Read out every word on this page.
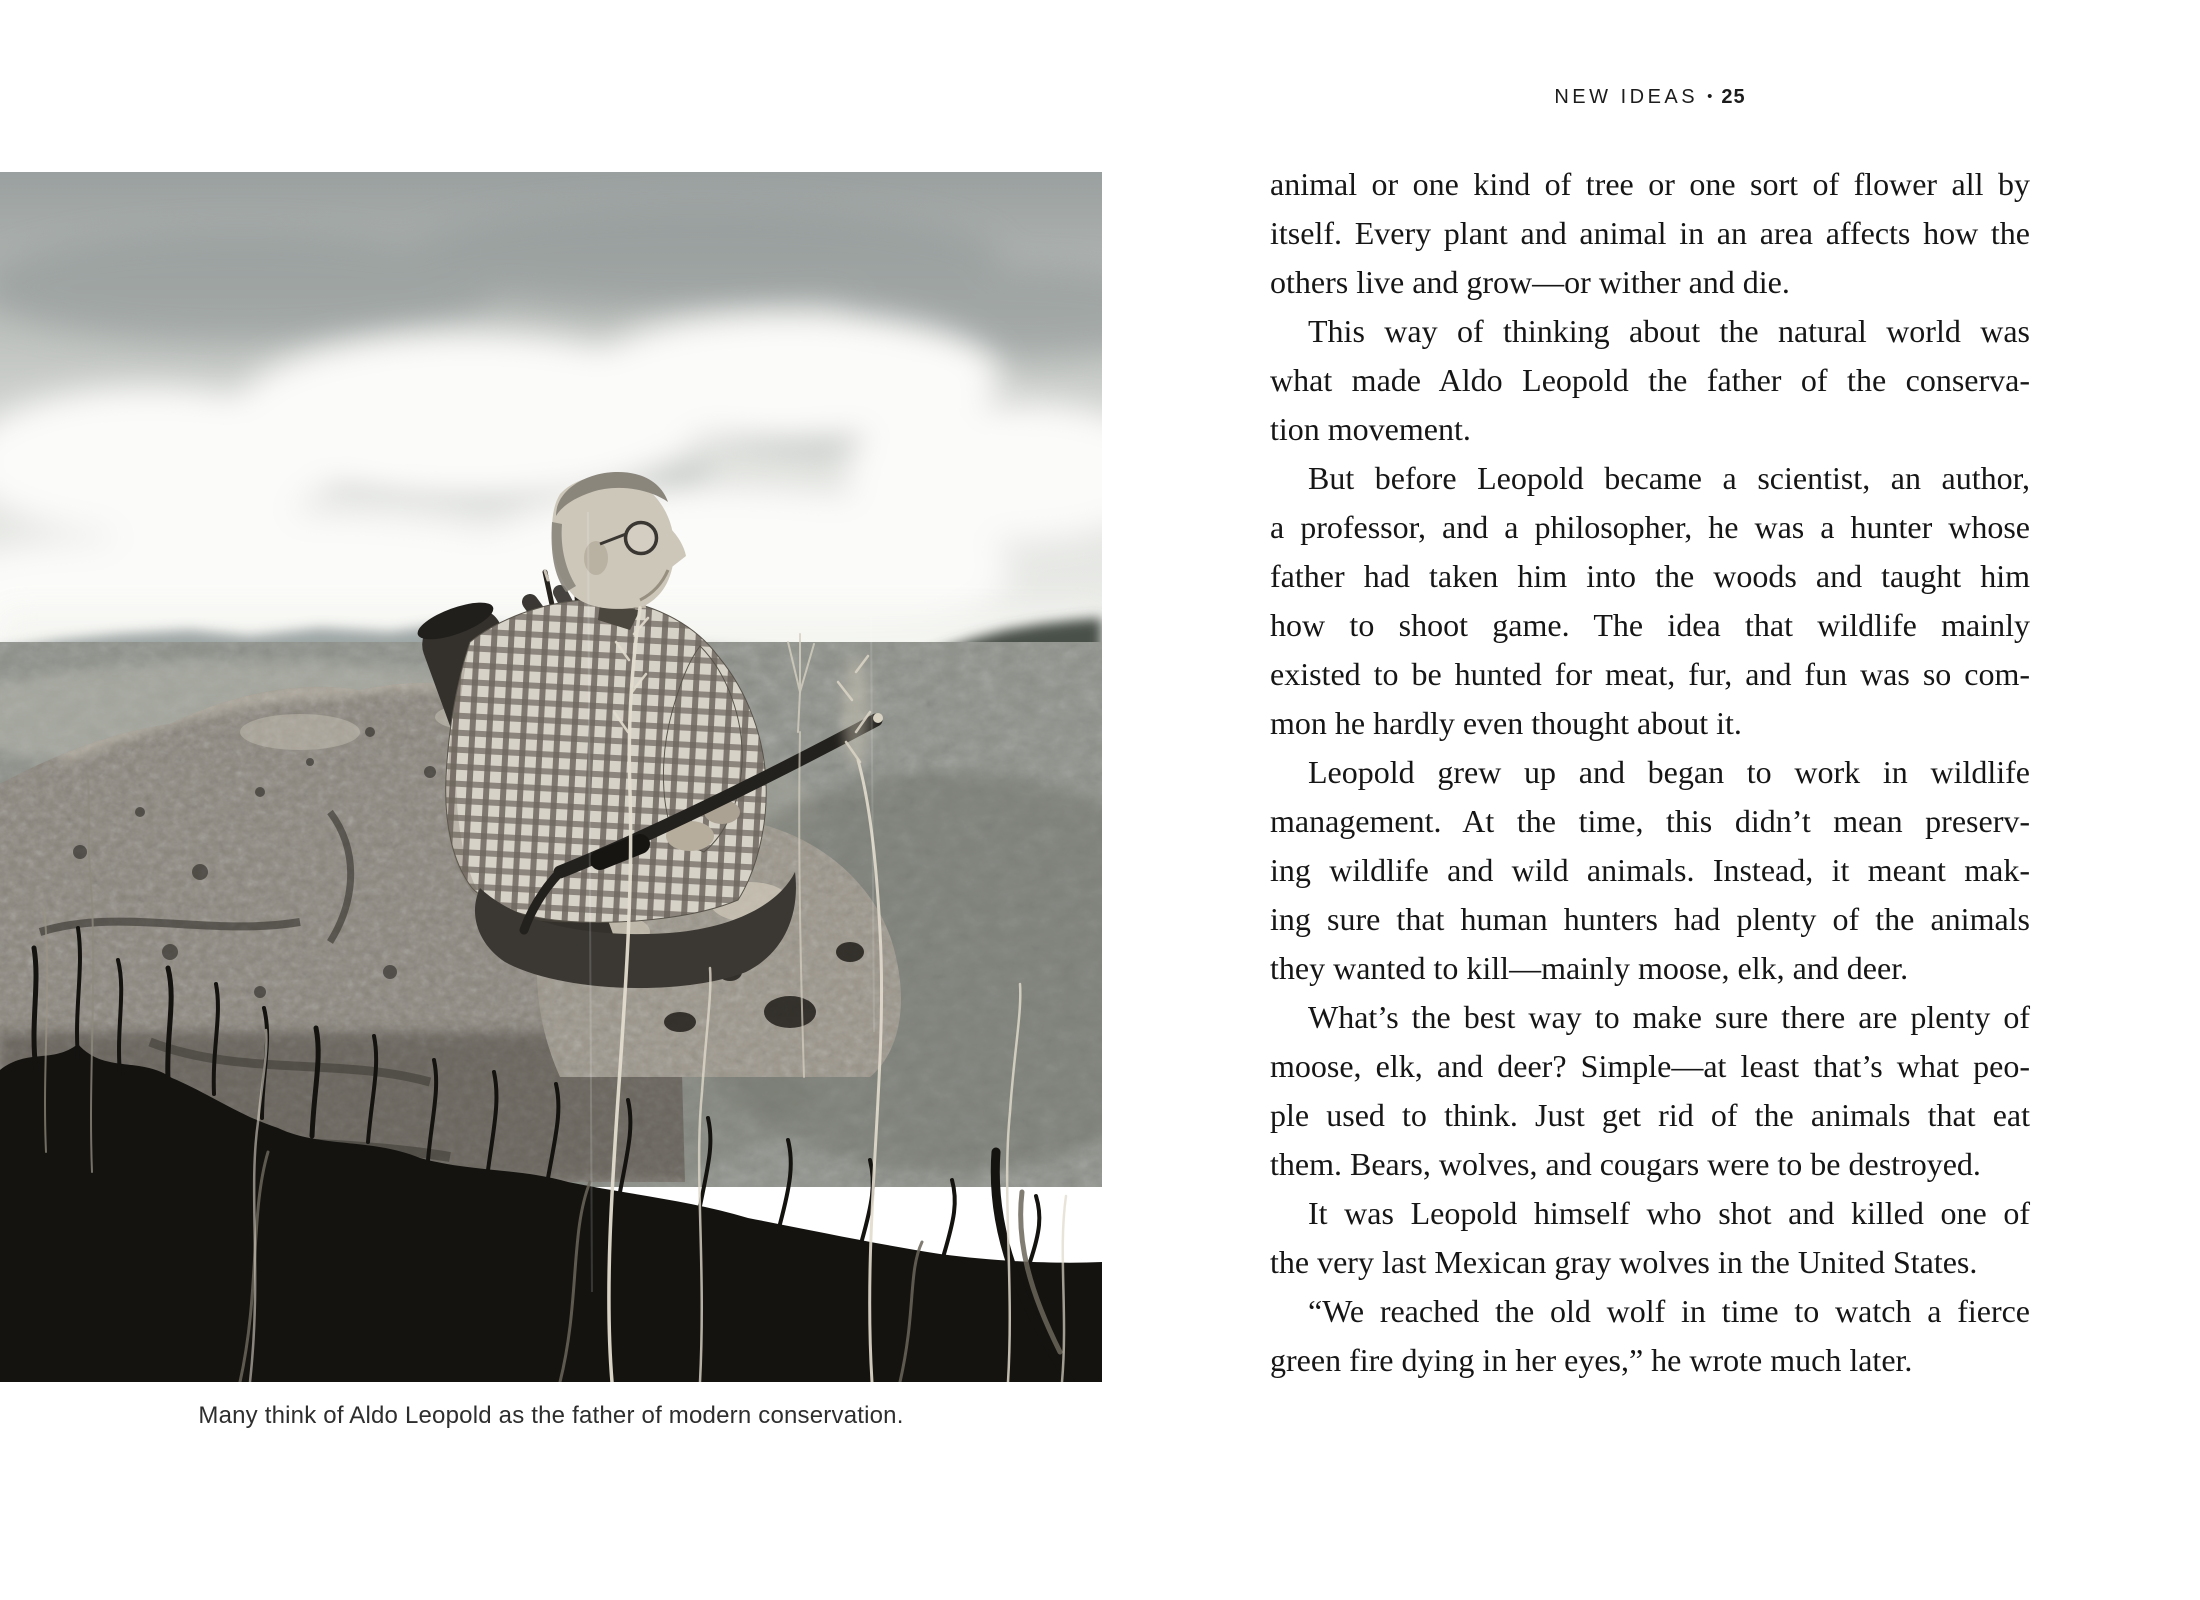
NEW IDEAS • 25
Many think of Aldo Leopold as the father of modern conservation.
animal or one kind of tree or one sort of flower all by
itself. Every plant and animal in an area affects how the
others live and grow—or wither and die.
This way of thinking about the natural world was
what made Aldo Leopold the father of the conserva-
tion movement.
But before Leopold became a scientist, an author,
a professor, and a philosopher, he was a hunter whose
father had taken him into the woods and taught him
how to shoot game. The idea that wildlife mainly
existed to be hunted for meat, fur, and fun was so com-
mon he hardly even thought about it.
Leopold grew up and began to work in wildlife
management. At the time, this didn’t mean preserv-
ing wildlife and wild animals. Instead, it meant mak-
ing sure that human hunters had plenty of the animals
they wanted to kill—mainly moose, elk, and deer.
What’s the best way to make sure there are plenty of
moose, elk, and deer? Simple—at least that’s what peo-
ple used to think. Just get rid of the animals that eat
them. Bears, wolves, and cougars were to be destroyed.
It was Leopold himself who shot and killed one of
the very last Mexican gray wolves in the United States.
“We reached the old wolf in time to watch a fierce
green fire dying in her eyes,” he wrote much later.
